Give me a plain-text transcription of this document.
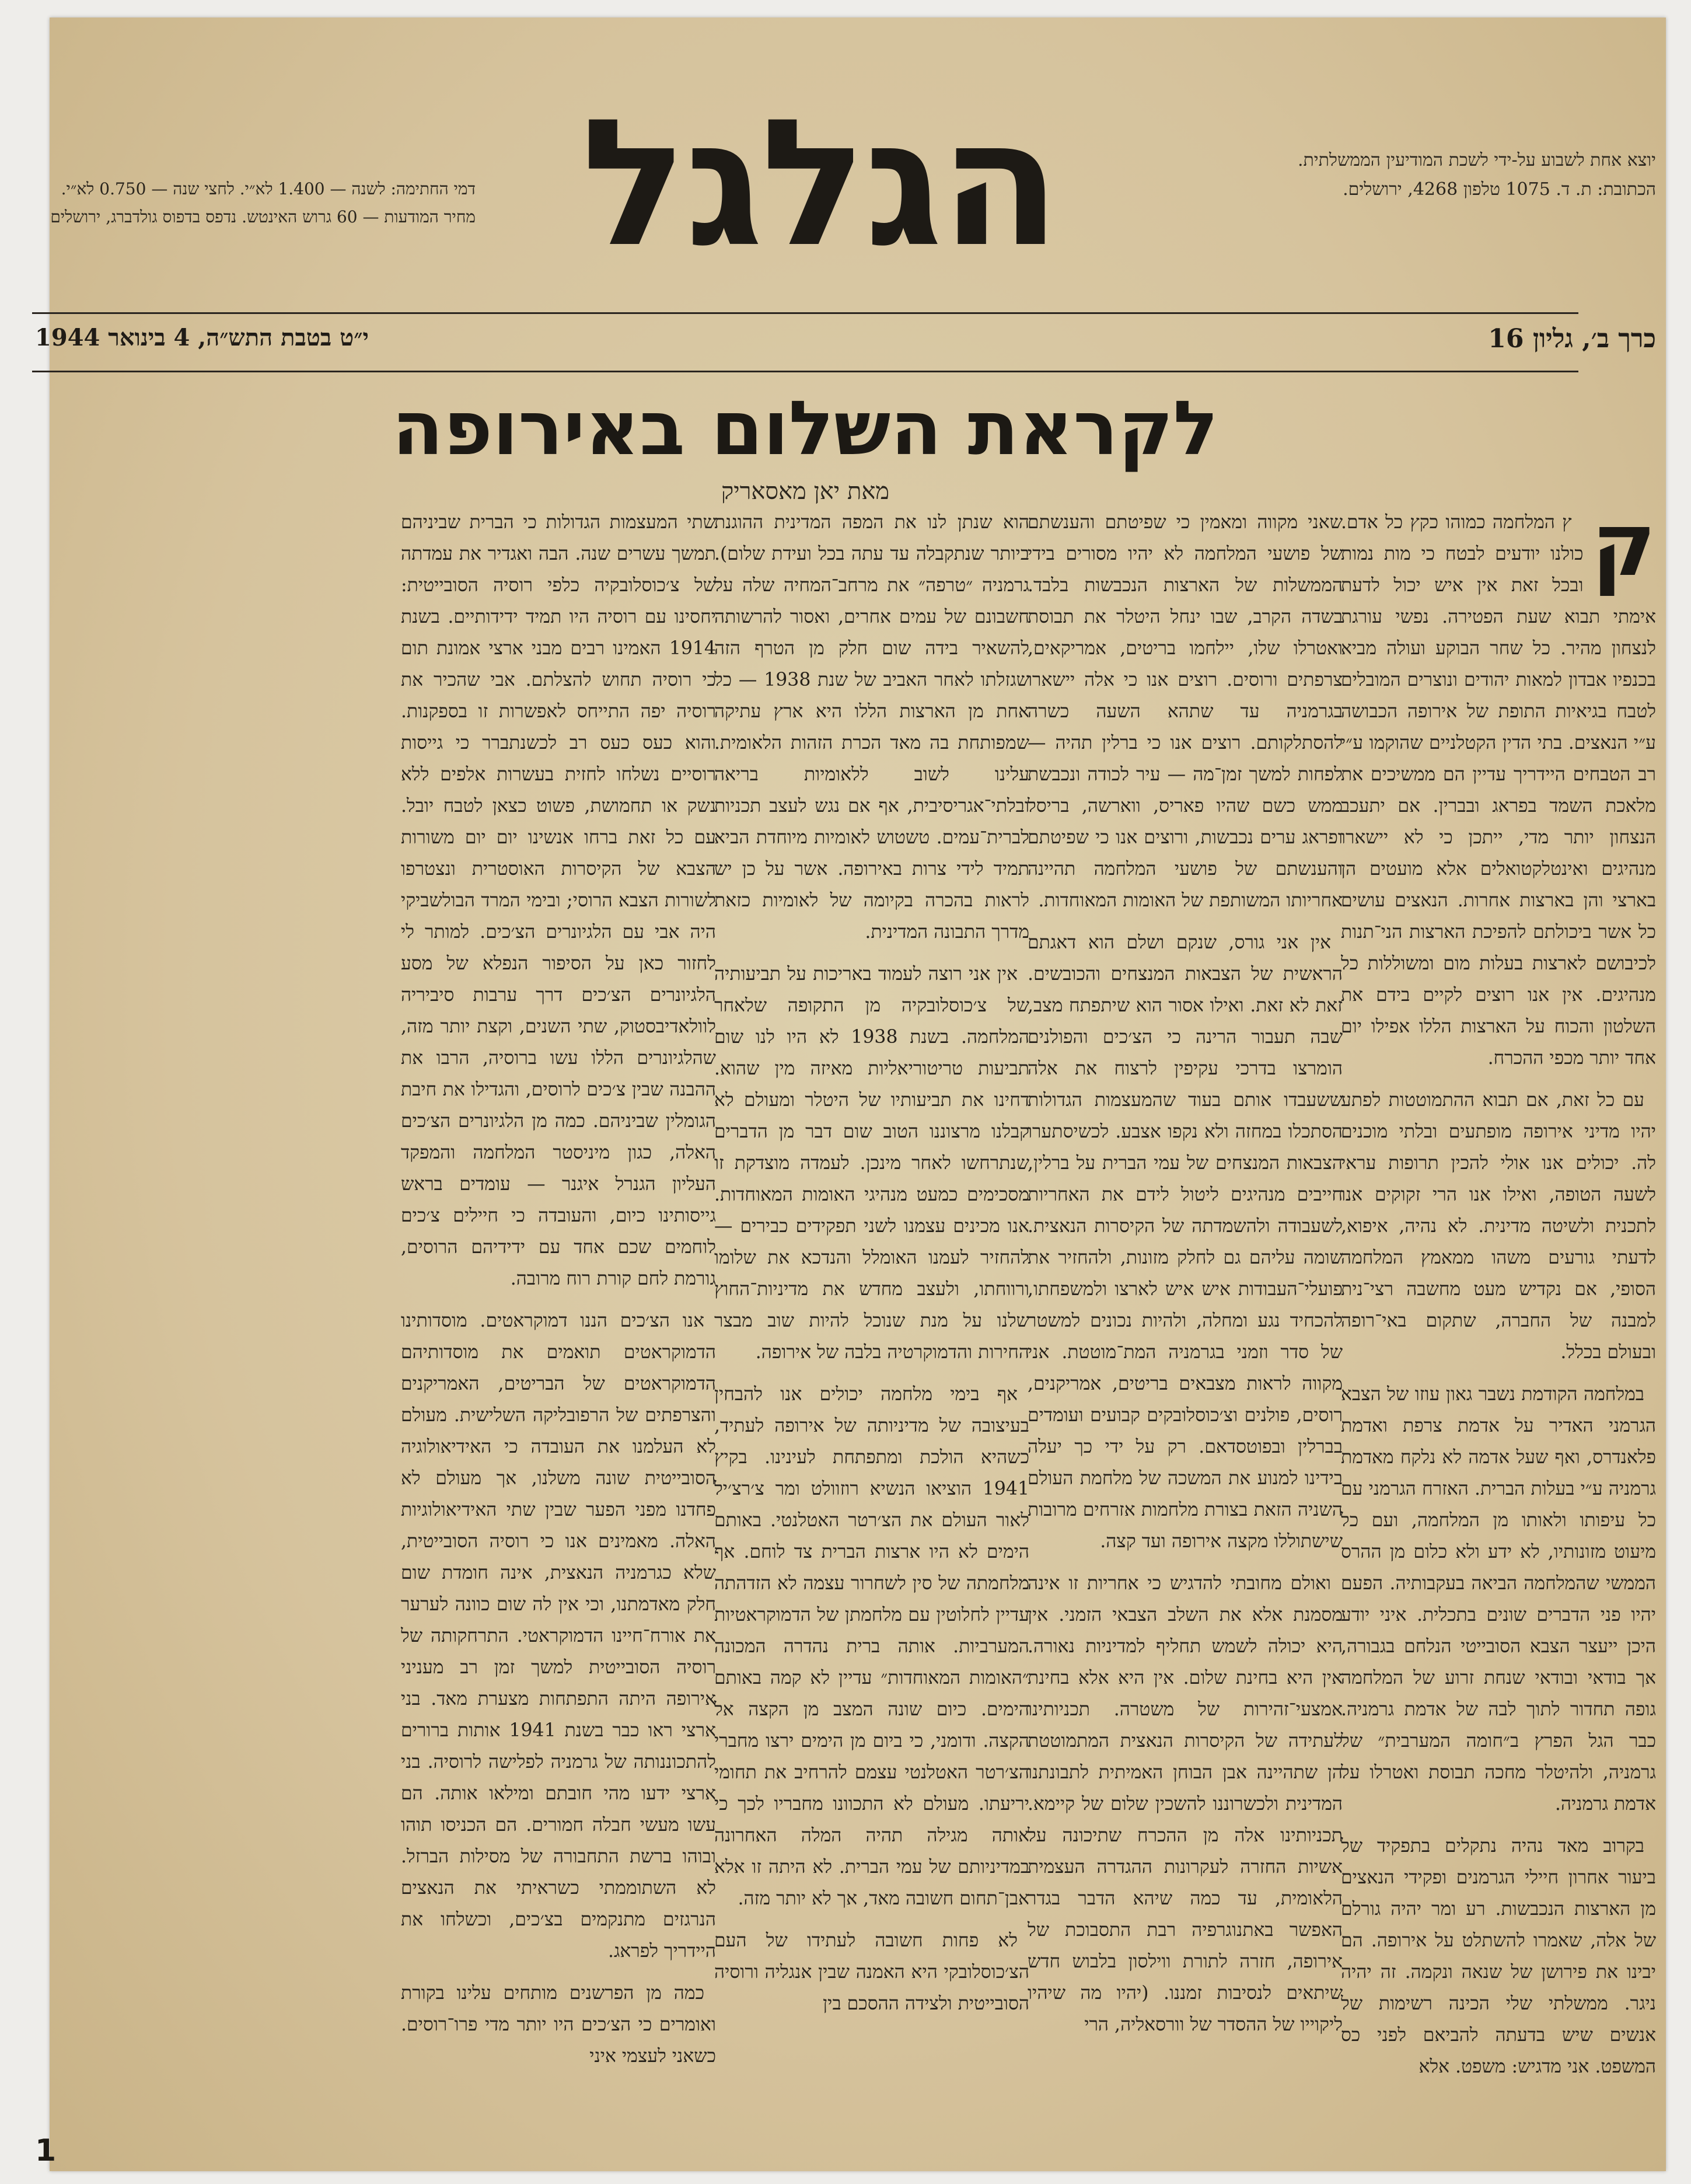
הגלגל	יוצא אחת לשבוע על-ידי לשכת המודיעין הממשלתית. הכתובת: ת. ד. 1075 טלפון 4268, ירושלים.
דמי החתימה: לשנה — 1.400 לא״י. לחצי שנה — 0.750 לא״י. מחיר המודעות — 60 גרוש האינטש. נדפס בדפוס גולדברג, ירושלים
כרך ב׳, גליון 16
י״ט בטבת התש״ה, 4 בינואר 1944
לקראת השלום באירופה
מאת יאן מאסאריק
ק

ץ המלחמה כמוהו כקץ כל אדם. כולנו יודעים לבטח כי מות נמות ובכל זאת אין איש יכול לדעת אימתי תבוא שעת הפטירה. נפשי עורגת לנצחון מהיר. כל שחר הבוקע ועולה מביא בכנפיו אבדון למאות יהודים ונוצרים המובלים לטבח בגיאיות התופת של אירופה הכבושה ע״י הנאצים. בתי הדין הקטלניים שהוקמו ע״י רב הטבחים היידריך עדיין הם ממשיכים את מלאכת השמד בפראג ובברין. אם יתעכב הנצחון יותר מדי, ייתכן כי לא יישארו מנהיגים ואינטלקטואלים אלא מועטים הן בארצי והן בארצות אחרות. הנאצים עושים כל אשר ביכולתם להפיכת הארצות הני־תנות לכיבושם לארצות בעלות מום ומשוללות כל מנהיגים. אין אנו רוצים לקיים בידם את השלטון והכוח על הארצות הללו אפילו יום אחד יותר מכפי ההכרח.

עם כל זאת, אם תבוא ההתמוטטות לפתע יהיו מדיני אירופה מופתעים ובלתי מוכנים לה. יכולים אנו אולי להכין תרופות עראי לשעה הטופה, ואילו אנו הרי זקוקים אנו לתכנית ולשיטה מדינית. לא נהיה, איפוא, לדעתי גורעים משהו ממאמץ המלחמה הסופי, אם נקדיש מעט מחשבה רצי־נית למבנה של החברה, שתקום באי־רופה ובעולם בכלל.

במלחמה הקודמת נשבר גאון עוזו של הצבא הגרמני האדיר על אדמת צרפת ואדמת פלאנדרס, ואף שעל אדמה לא נלקח מאדמת גרמניה ע״י בעלות הברית. האזרח הגרמני עם כל עיפותו ולאותו מן המלחמה, ועם כל מיעוט מזונותיו, לא ידע ולא כלום מן ההרס הממשי שהמלחמה הביאה בעקבותיה. הפעם יהיו פני הדברים שונים בתכלית. איני יודע היכן ייעצר הצבא הסובייטי הנלחם בגבורה, אך בודאי ובודאי שנחת זרוע של המלחמה גופה תחדור לתוך לבה של אדמת גרמניה. כבר הגל הפרץ ב״חומה המערבית״ של גרמניה, ולהיטלר מחכה תבוסת ואטרלו על אדמת גרמניה.

בקרוב מאד נהיה נתקלים בתפקיד של ביעור אחרון חיילי הגרמנים ופקידי הנאצים מן הארצות הנכבשות. רע ומר יהיה גורלם של אלה, שאמרו להשתלט על אירופה. הם יבינו את פירושן של שנאה ונקמה. זה יהיה ניגר. ממשלתי שלי הכינה רשימות של אנשים שיש בדעתה להביאם לפני כס המשפט. אני מדגיש: משפט. אלא

שאני מקווה ומאמין כי שפיטתם והענשתם של פושעי המלחמה לא יהיו מסורים בידי הממשלות של הארצות הנכבשות בלבד. בשדה הקרב, שבו ינחל היטלר את תבוסת ואטרלו שלו, יילחמו בריטים, אמריקאים, צרפתים ורוסים. רוצים אנו כי אלה יישארו בגרמניה עד שתהא השעה כשרה להסתלקותם. רוצים אנו כי ברלין תהיה — לפחות למשך זמן־מה — עיר לכודה ונכבשת ממש כשם שהיו פאריס, ווארשה, בריסל ופראג ערים נכבשות, ורוצים אנו כי שפיטתם והענשתם של פושעי המלחמה תהיינה אחריותו המשותפת של האומות המאוחדות.

אין אני גורס, שנקם ושלם הוא דאגתם הראשית של הצבאות המנצחים והכובשים. זאת לא זאת. ואילו אסור הוא שיתפתח מצב, שבה תעבור הרינה כי הצ׳כים והפולנים הומרצו בדרכי עקיפין לרצוח את אלה ששעבדו אותם בעוד שהמעצמות הגדולות הסתכלו במחזה ולא נקפו אצבע. לכשיסתערו הצבאות המנצחים של עמי הברית על ברלין, חייבים מנהיגים ליטול לידם את האחריות לשעבודה ולהשמדתה של הקיסרות הנאצית. שומה עליהם גם לחלק מזונות, ולהחזיר את פועלי־העבודות איש איש לארצו ולמשפחתו, להכחיד נגע ומחלה, ולהיות נכונים למשטר של סדר וזמני בגרמניה המת־מוטטת. אני מקווה לראות מצבאים בריטים, אמריקנים, רוסים, פולנים וצ׳כוסלובקים קבועים ועומדים בברלין ובפוטסדאם. רק על ידי כך יעלה בידינו למנוע את המשכה של מלחמת העולם השניה הזאת בצורת מלחמות אזרחים מרובות שישתוללו מקצה אירופה ועד קצה.

ואולם מחובתי להדגיש כי אחריות זו אינה מסמנת אלא את השלב הצבאי הזמני. אין היא יכולה לשמש תחליף למדיניות נאורה. אין היא בחינת שלום. אין היא אלא בחינת אמצעי־זהירות של משטרה. תכניותינו לעתידה של הקיסרות הנאצית המתמוטטת הן שתהיינה אבן הבוחן האמיתית לתבונתנו המדינית ולכשרוננו להשכין שלום של קיימא. תכניותינו אלה מן ההכרח שתיכונה על אשיות החזרה לעקרונות ההגדרה העצמית הלאומית, עד כמה שיהא הדבר בגדר האפשר באתנוגרפיה רבת התסבוכת של אירופה, חזרה לתורת ווילסון בלבוש חדש שיתאים לנסיבות זמננו. (יהיו מה שיהיו ליקוייו של ההסדר של וורסאליה, הרי

הוא שנתן לנו את המפה המדינית ההוגנת ביותר שנתקבלה עד עתה בכל ועידת שלום). גרמניה ״טרפה״ את מרחב־המחיה שלה על חשבונם של עמים אחרים, ואסור להרשותה להשאיר בידה שום חלק מן הטרף הזה שגזלתו לאחר האביב של שנת 1938 — כל אחת מן הארצות הללו היא ארץ עתיקה שמפותחת בה מאד הכרת הזהות הלאומית. עלינו לשוב ללאומיות בריאה ובלתי־אגריסיבית, אף אם נגש לעצב תכניות לברית־עמים. טשטוש לאומיות מיוחדת הביא תמיד לידי צרות באירופה. אשר על כן יש לראות בהכרה בקיומה של לאומיות כזאת מדרך התבונה המדינית.

אין אני רוצה לעמוד באריכות על תביעותיה של צ׳כוסלובקיה מן התקופה שלאחר המלחמה. בשנת 1938 לא היו לנו שום תביעות טריטוריאליות מאיזה מין שהוא. דחינו את תביעותיו של היטלר ומעולם לא קבלנו מרצוננו הטוב שום דבר מן הדברים שנתרחשו לאחר מינכן. לעמדה מוצדקת זו מסכימים כמעט מנהיגי האומות המאוחדות. אנו מכינים עצמנו לשני תפקידים כבירים — להחזיר לעמנו האומלל והנדכא את שלומו ורווחתו, ולעצב מחדש את מדיניות־החוץ שלנו על מנת שנוכל להיות שוב מבצר החירות והדמוקרטיה בלבה של אירופה.

אף בימי מלחמה יכולים אנו להבחין בעיצובה של מדיניותה של אירופה לעתיד, כשהיא הולכת ומתפתחת לעינינו. בקיץ 1941 הוציאו הנשיא רוזוולט ומר צ׳רצ׳יל לאור העולם את הצ׳רטר האטלנטי. באותם הימים לא היו ארצות הברית צד לוחם. אף מלחמתה של סין לשחרור עצמה לא הזדהתה עדיין לחלוטין עם מלחמתן של הדמוקראטיות המערביות. אותה ברית נהדרה המכונה ״האומות המאוחדות״ עדיין לא קמה באותם הימים. כיום שונה המצב מן הקצה אל הקצה. ודומני, כי ביום מן הימים ירצו מחברי הצ׳רטר האטלנטי עצמם להרחיב את תחומי יריעתו. מעולם לא התכוונו מחבריו לכך כי אותה מגילה תהיה המלה האחרונה במדיניותם של עמי הברית. לא היתה זו אלא אבן־תחום חשובה מאד, אך לא יותר מזה.

לא פחות חשובה לעתידו של העם הצ׳כוסלובקי היא האמנה שבין אנגליה ורוסיה הסובייטית ולצידה ההסכם בין

שתי המעצמות הגדולות כי הברית שביניהם תמשך עשרים שנה. הבה ואגדיר את עמדתה של צ׳כוסלובקיה כלפי רוסיה הסובייטית: יחסינו עם רוסיה היו תמיד ידידותיים. בשנת 1914 האמינו רבים מבני ארצי אמונת תום כי רוסיה תחוש להצלתם. אבי שהכיר את רוסיה יפה התייחס לאפשרות זו בספקנות. והוא כעס כעס רב לכשנתברר כי גייסות רוסיים נשלחו לחזית בעשרות אלפים ללא נשק או תחמושת, פשוט כצאן לטבח יובל. עם כל זאת ברחו אנשינו יום יום משורות הצבא של הקיסרות האוסטרית ונצטרפו לשורות הצבא הרוסי; ובימי המרד הבולשביקי היה אבי עם הלגיונרים הצ׳כים. למותר לי לחזור כאן על הסיפור הנפלא של מסע הלגיונרים הצ׳כים דרך ערבות סיביריה לוולאדיבסטוק, שתי השנים, וקצת יותר מזה, שהלגיונרים הללו עשו ברוסיה, הרבו את ההבנה שבין צ׳כים לרוסים, והגדילו את חיבת הגומלין שביניהם. כמה מן הלגיונרים הצ׳כים האלה, כגון מיניסטר המלחמה והמפקד העליון הגנרל איגנר — עומדים בראש גייסותינו כיום, והעובדה כי חיילים צ׳כים לוחמים שכם אחד עם ידידיהם הרוסים, גורמת לחם קורת רוח מרובה.

אנו הצ׳כים הננו דמוקראטים. מוסדותינו הדמוקראטים תואמים את מוסדותיהם הדמוקראטים של הבריטים, האמריקנים והצרפתים של הרפובליקה השלישית. מעולם לא העלמנו את העובדה כי האידיאולוגיה הסובייטית שונה משלנו, אך מעולם לא פחדנו מפני הפער שבין שתי האידיאולוגיות האלה. מאמינים אנו כי רוסיה הסובייטית, שלא כגרמניה הנאצית, אינה חומדת שום חלק מאדמתנו, וכי אין לה שום כוונה לערער את אורח־חיינו הדמוקראטי. התרחקותה של רוסיה הסובייטית למשך זמן רב מעניני אירופה היתה התפתחות מצערת מאד. בני ארצי ראו כבר בשנת 1941 אותות ברורים להתכוננותה של גרמניה לפלישה לרוסיה. בני ארצי ידעו מהי חובתם ומילאו אותה. הם עשו מעשי חבלה חמורים. הם הכניסו תוהו ובוהו ברשת התחבורה של מסילות הברזל. לא השתוממתי כשראיתי את הנאצים הנרגזים מתנקמים בצ׳כים, וכשלחו את היידריך לפראג.

כמה מן הפרשנים מותחים עלינו בקורת ואומרים כי הצ׳כים היו יותר מדי פרו־רוסים. כשאני לעצמי איני

1
